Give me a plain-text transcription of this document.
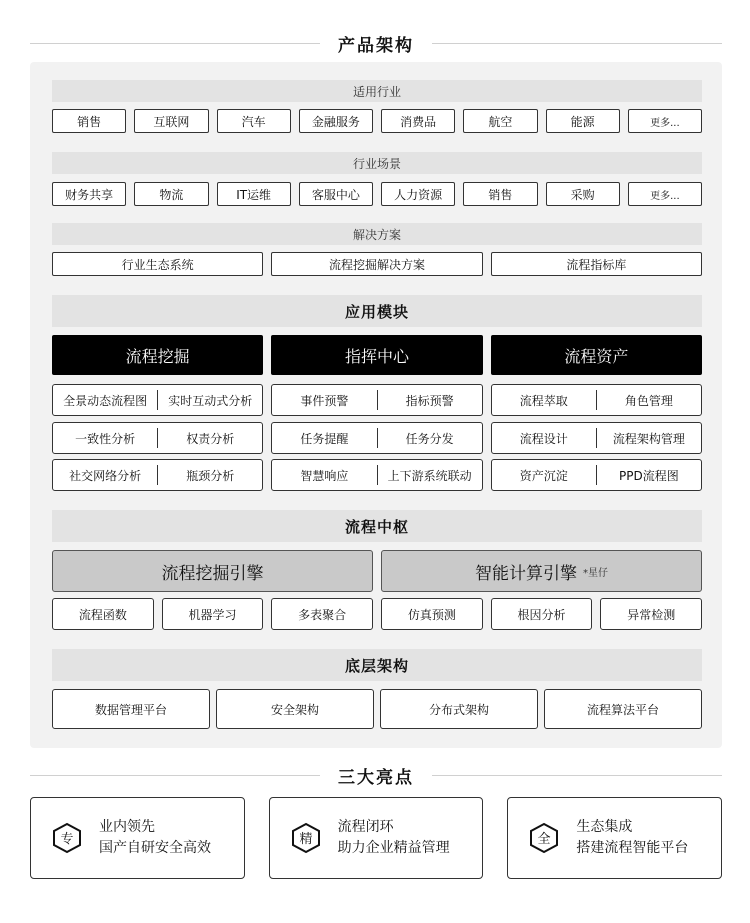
产品架构
适用行业
销售	互联网	汽车	金融服务	消费品	航空	能源	更多...
行业场景
财务共享	物流	IT运维	客服中心	人力资源	销售	采购	更多...
解决方案
行业生态系统	流程挖掘解决方案	流程指标库
应用模块
流程挖掘	指挥中心	流程资产
全景动态流程图	实时互动式分析	事件预警	指标预警	流程萃取	角色管理
一致性分析	权责分析	任务提醒	任务分发	流程设计	流程架构管理
社交网络分析	瓶颈分析	智慧响应	上下游系统联动	资产沉淀	PPD流程图
流程中枢
流程挖掘引擎	智能计算引擎 *星仔
流程函数	机器学习	多表聚合	仿真预测	根因分析	异常检测
底层架构
数据管理平台	安全架构	分布式架构	流程算法平台
三大亮点
专
业内领先
国产自研安全高效
精
流程闭环
助力企业精益管理
全
生态集成
搭建流程智能平台
